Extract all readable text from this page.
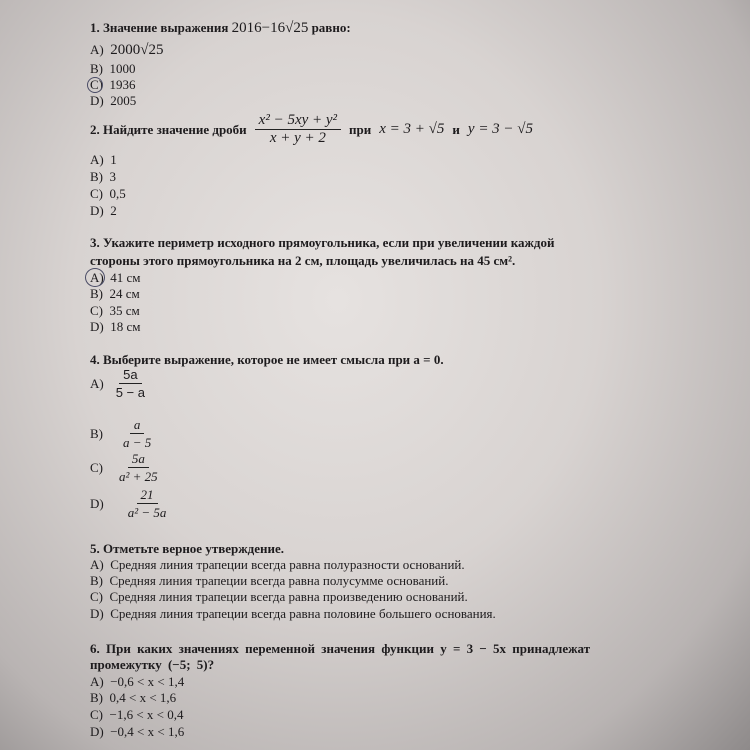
1. Значение выражения 2016−16√25 равно:
A) 2000√25
B) 1000
C) 1936
D) 2005
2. Найдите значение дроби $\frac{\text{x² − 5xy + y²}}{x + y + 2}$ при x = 3 + √5 и y = 3 − √5
A) 1
B) 3
C) 0,5
D) 2
3. Укажите периметр исходного прямоугольника, если при увеличении каждой
стороны этого прямоугольника на 2 см, площадь увеличилась на 45 см².
A) 41 см
B) 24 см
C) 35 см
D) 18 см
4. Выберите выражение, которое не имеет смысла при a = 0.
$A) \frac{5a}{5 - a}$
$B) \frac{a}{a - 5}$
$C) \frac{5a}{\text{a² + 25}}$
$D) \frac{21}{\text{a² − 5a}}$
5. Отметьте верное утверждение.
A) Средняя линия трапеции всегда равна полуразности оснований.
B) Средняя линия трапеции всегда равна полусумме оснований.
C) Средняя линия трапеции всегда равна произведению оснований.
D) Средняя линия трапеции всегда равна половине большего основания.
6. При каких значениях переменной значения функции y = 3 − 5x принадлежат
промежутку (−5; 5)?
A) −0,6 < x < 1,4
B) 0,4 < x < 1,6
C) −1,6 < x < 0,4
D) −0,4 < x < 1,6
